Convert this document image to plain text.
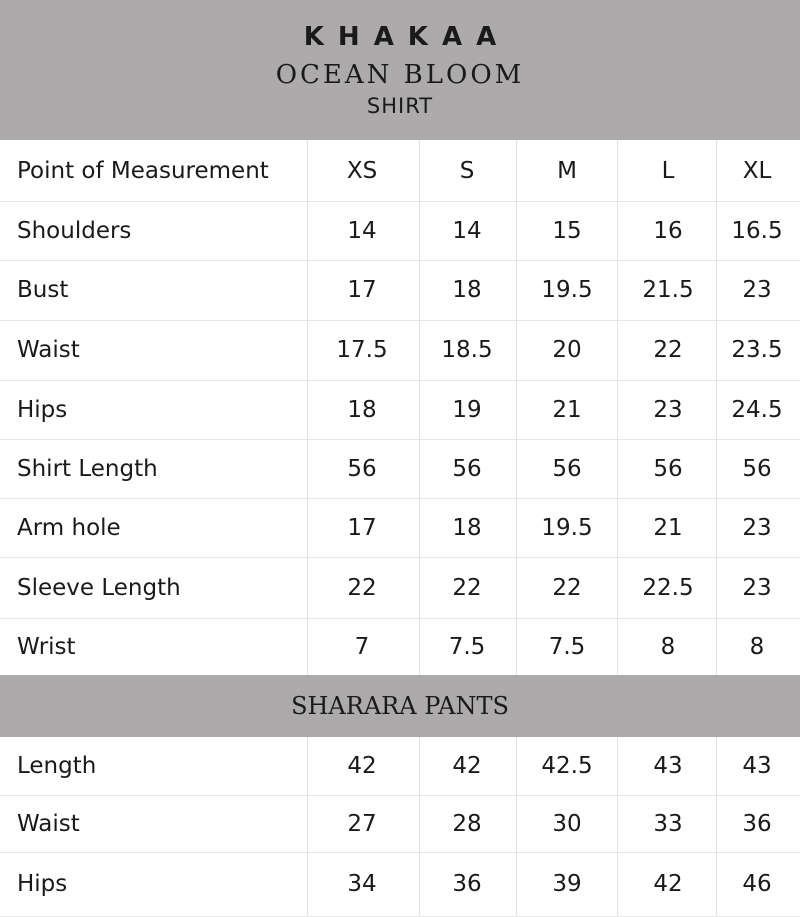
KHAKAA
OCEAN BLOOM
SHIRT
Point of Measurement	XS	S	M	L	XL
Shoulders	14	14	15	16	16.5
Bust	17	18	19.5	21.5	23
Waist	17.5	18.5	20	22	23.5
Hips	18	19	21	23	24.5
Shirt Length	56	56	56	56	56
Arm hole	17	18	19.5	21	23
Sleeve Length	22	22	22	22.5	23
Wrist	7	7.5	7.5	8	8
SHARARA PANTS
Length	42	42	42.5	43	43
Waist	27	28	30	33	36
Hips	34	36	39	42	46
